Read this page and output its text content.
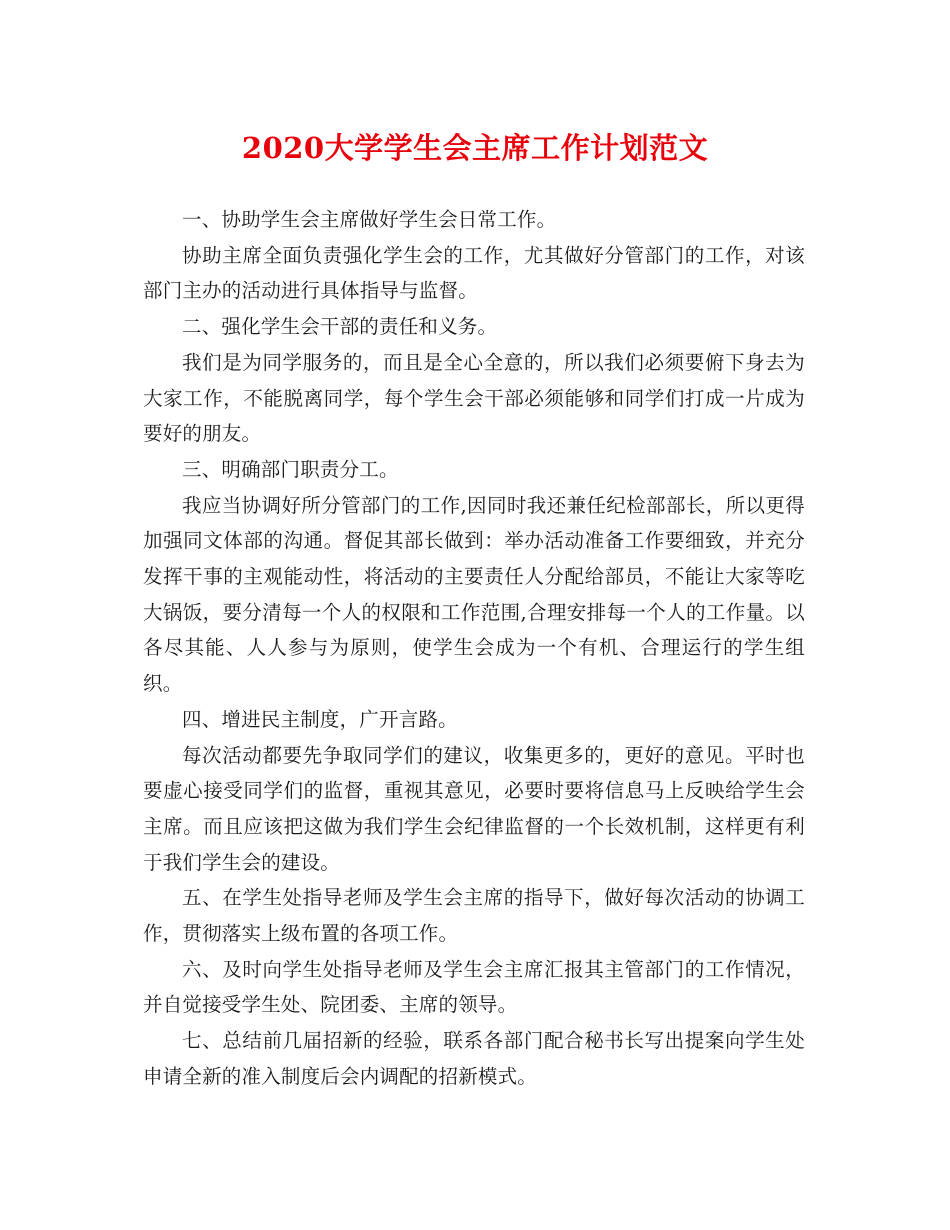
2020大学学生会主席工作计划范文

一、协助学生会主席做好学生会日常工作。

协助主席全面负责强化学生会的工作，尤其做好分管部门的工作，对该部门主办的活动进行具体指导与监督。

二、强化学生会干部的责任和义务。

我们是为同学服务的，而且是全心全意的，所以我们必须要俯下身去为大家工作，不能脱离同学，每个学生会干部必须能够和同学们打成一片成为要好的朋友。

三、明确部门职责分工。

我应当协调好所分管部门的工作,因同时我还兼任纪检部部长，所以更得加强同文体部的沟通。督促其部长做到：举办活动准备工作要细致，并充分发挥干事的主观能动性，将活动的主要责任人分配给部员，不能让大家等吃大锅饭，要分清每一个人的权限和工作范围,合理安排每一个人的工作量。以各尽其能、人人参与为原则，使学生会成为一个有机、合理运行的学生组织。

四、增进民主制度，广开言路。

每次活动都要先争取同学们的建议，收集更多的，更好的意见。平时也要虚心接受同学们的监督，重视其意见，必要时要将信息马上反映给学生会主席。而且应该把这做为我们学生会纪律监督的一个长效机制，这样更有利于我们学生会的建设。

五、在学生处指导老师及学生会主席的指导下，做好每次活动的协调工作，贯彻落实上级布置的各项工作。

六、及时向学生处指导老师及学生会主席汇报其主管部门的工作情况，并自觉接受学生处、院团委、主席的领导。

七、总结前几届招新的经验，联系各部门配合秘书长写出提案向学生处申请全新的准入制度后会内调配的招新模式。
